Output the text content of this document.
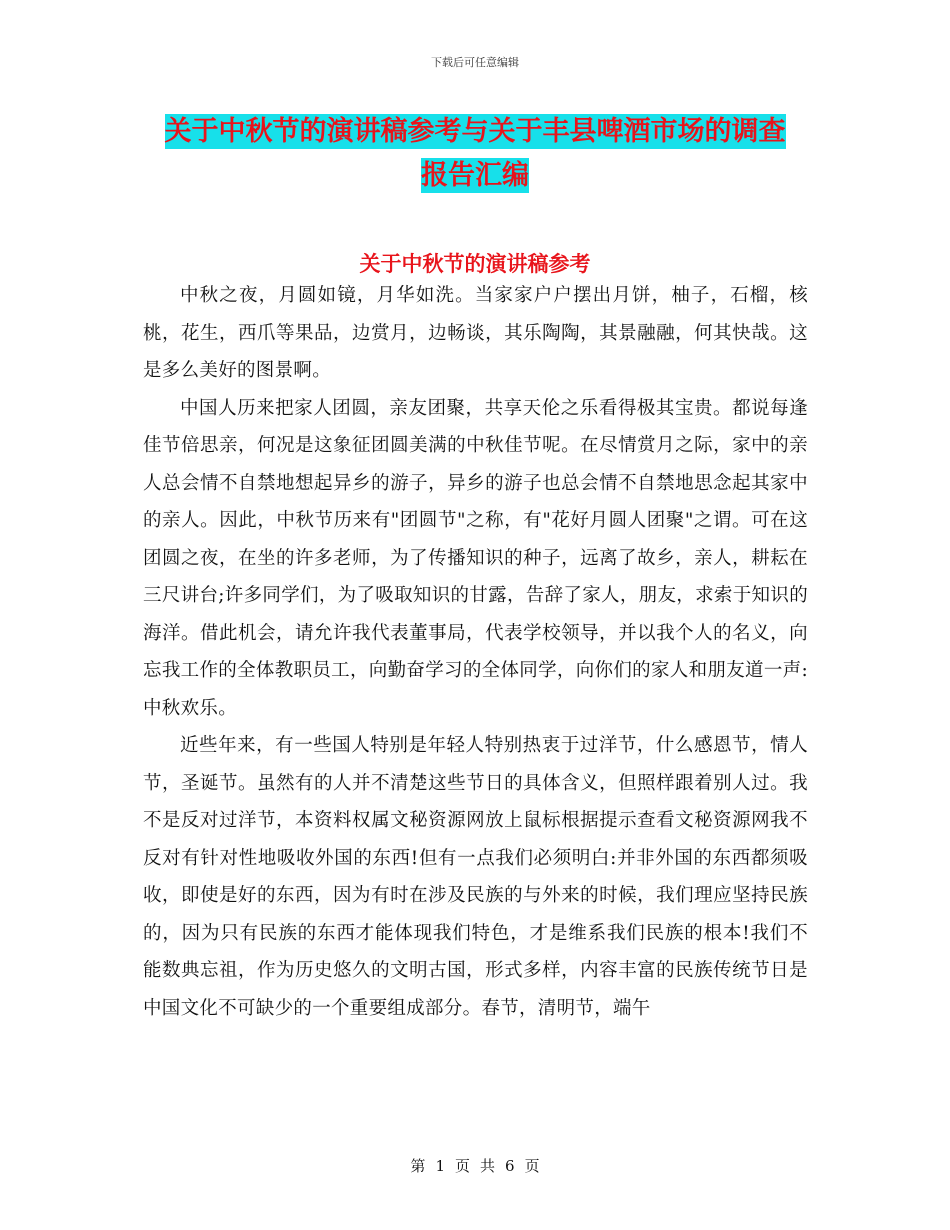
下载后可任意编辑
关于中秋节的演讲稿参考与关于丰县啤酒市场的调查
报告汇编
关于中秋节的演讲稿参考

中秋之夜，月圆如镜，月华如洗。当家家户户摆出月饼，柚子，石榴，核桃，花生，西爪等果品，边赏月，边畅谈，其乐陶陶，其景融融，何其快哉。这是多么美好的图景啊。

中国人历来把家人团圆，亲友团聚，共享天伦之乐看得极其宝贵。都说每逢佳节倍思亲，何况是这象征团圆美满的中秋佳节呢。在尽情赏月之际，家中的亲人总会情不自禁地想起异乡的游子，异乡的游子也总会情不自禁地思念起其家中的亲人。因此，中秋节历来有"团圆节"之称，有"花好月圆人团聚"之谓。可在这团圆之夜，在坐的许多老师，为了传播知识的种子，远离了故乡，亲人，耕耘在三尺讲台;许多同学们，为了吸取知识的甘露，告辞了家人，朋友，求索于知识的海洋。借此机会，请允许我代表董事局，代表学校领导，并以我个人的名义，向忘我工作的全体教职员工，向勤奋学习的全体同学，向你们的家人和朋友道一声:中秋欢乐。

近些年来，有一些国人特别是年轻人特别热衷于过洋节，什么感恩节，情人节，圣诞节。虽然有的人并不清楚这些节日的具体含义，但照样跟着别人过。我不是反对过洋节，本资料权属文秘资源网放上鼠标根据提示查看文秘资源网我不反对有针对性地吸收外国的东西!但有一点我们必须明白:并非外国的东西都须吸收，即使是好的东西，因为有时在涉及民族的与外来的时候，我们理应坚持民族的，因为只有民族的东西才能体现我们特色，才是维系我们民族的根本!我们不能数典忘祖，作为历史悠久的文明古国，形式多样，内容丰富的民族传统节日是中国文化不可缺少的一个重要组成部分。春节，清明节，端午

第 1 页 共 6 页
